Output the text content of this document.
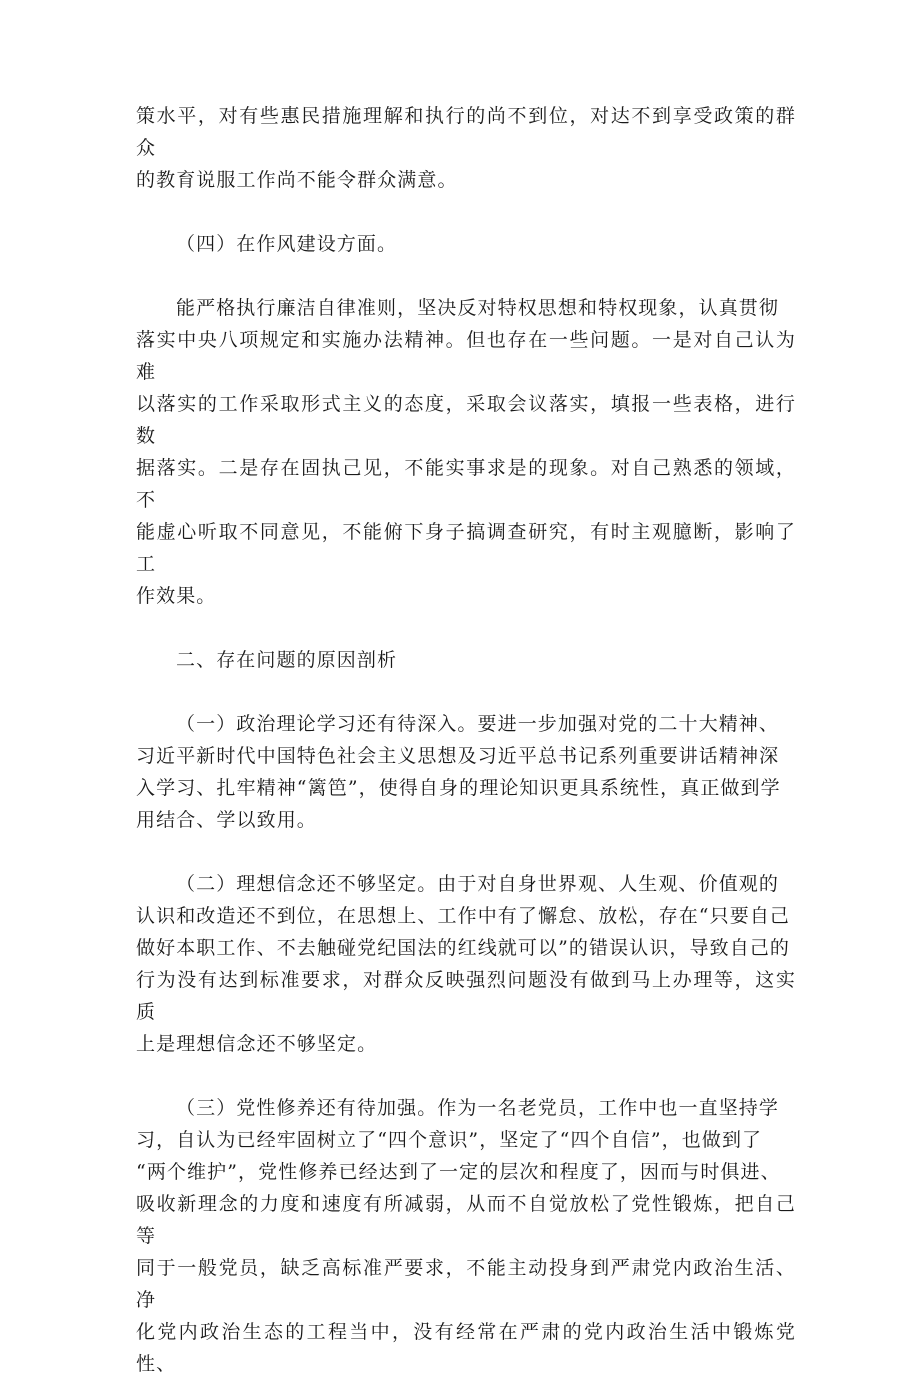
策水平，对有些惠民措施理解和执行的尚不到位，对达不到享受政策的群众
的教育说服工作尚不能令群众满意。

（四）在作风建设方面。

能严格执行廉洁自律准则，坚决反对特权思想和特权现象，认真贯彻
落实中央八项规定和实施办法精神。但也存在一些问题。一是对自己认为难
以落实的工作采取形式主义的态度，采取会议落实，填报一些表格，进行数
据落实。二是存在固执己见，不能实事求是的现象。对自己熟悉的领域，不
能虚心听取不同意见，不能俯下身子搞调查研究，有时主观臆断，影响了工
作效果。

二、存在问题的原因剖析

（一）政治理论学习还有待深入。要进一步加强对党的二十大精神、
习近平新时代中国特色社会主义思想及习近平总书记系列重要讲话精神深
入学习、扎牢精神“篱笆”，使得自身的理论知识更具系统性，真正做到学
用结合、学以致用。

（二）理想信念还不够坚定。由于对自身世界观、人生观、价值观的
认识和改造还不到位，在思想上、工作中有了懈怠、放松，存在“只要自己
做好本职工作、不去触碰党纪国法的红线就可以”的错误认识，导致自己的
行为没有达到标准要求，对群众反映强烈问题没有做到马上办理等，这实质
上是理想信念还不够坚定。

（三）党性修养还有待加强。作为一名老党员，工作中也一直坚持学
习，自认为已经牢固树立了“四个意识”，坚定了“四个自信”，也做到了
“两个维护”，党性修养已经达到了一定的层次和程度了，因而与时俱进、
吸收新理念的力度和速度有所减弱，从而不自觉放松了党性锻炼，把自己等
同于一般党员，缺乏高标准严要求，不能主动投身到严肃党内政治生活、净
化党内政治生态的工程当中，没有经常在严肃的党内政治生活中锻炼党性、
